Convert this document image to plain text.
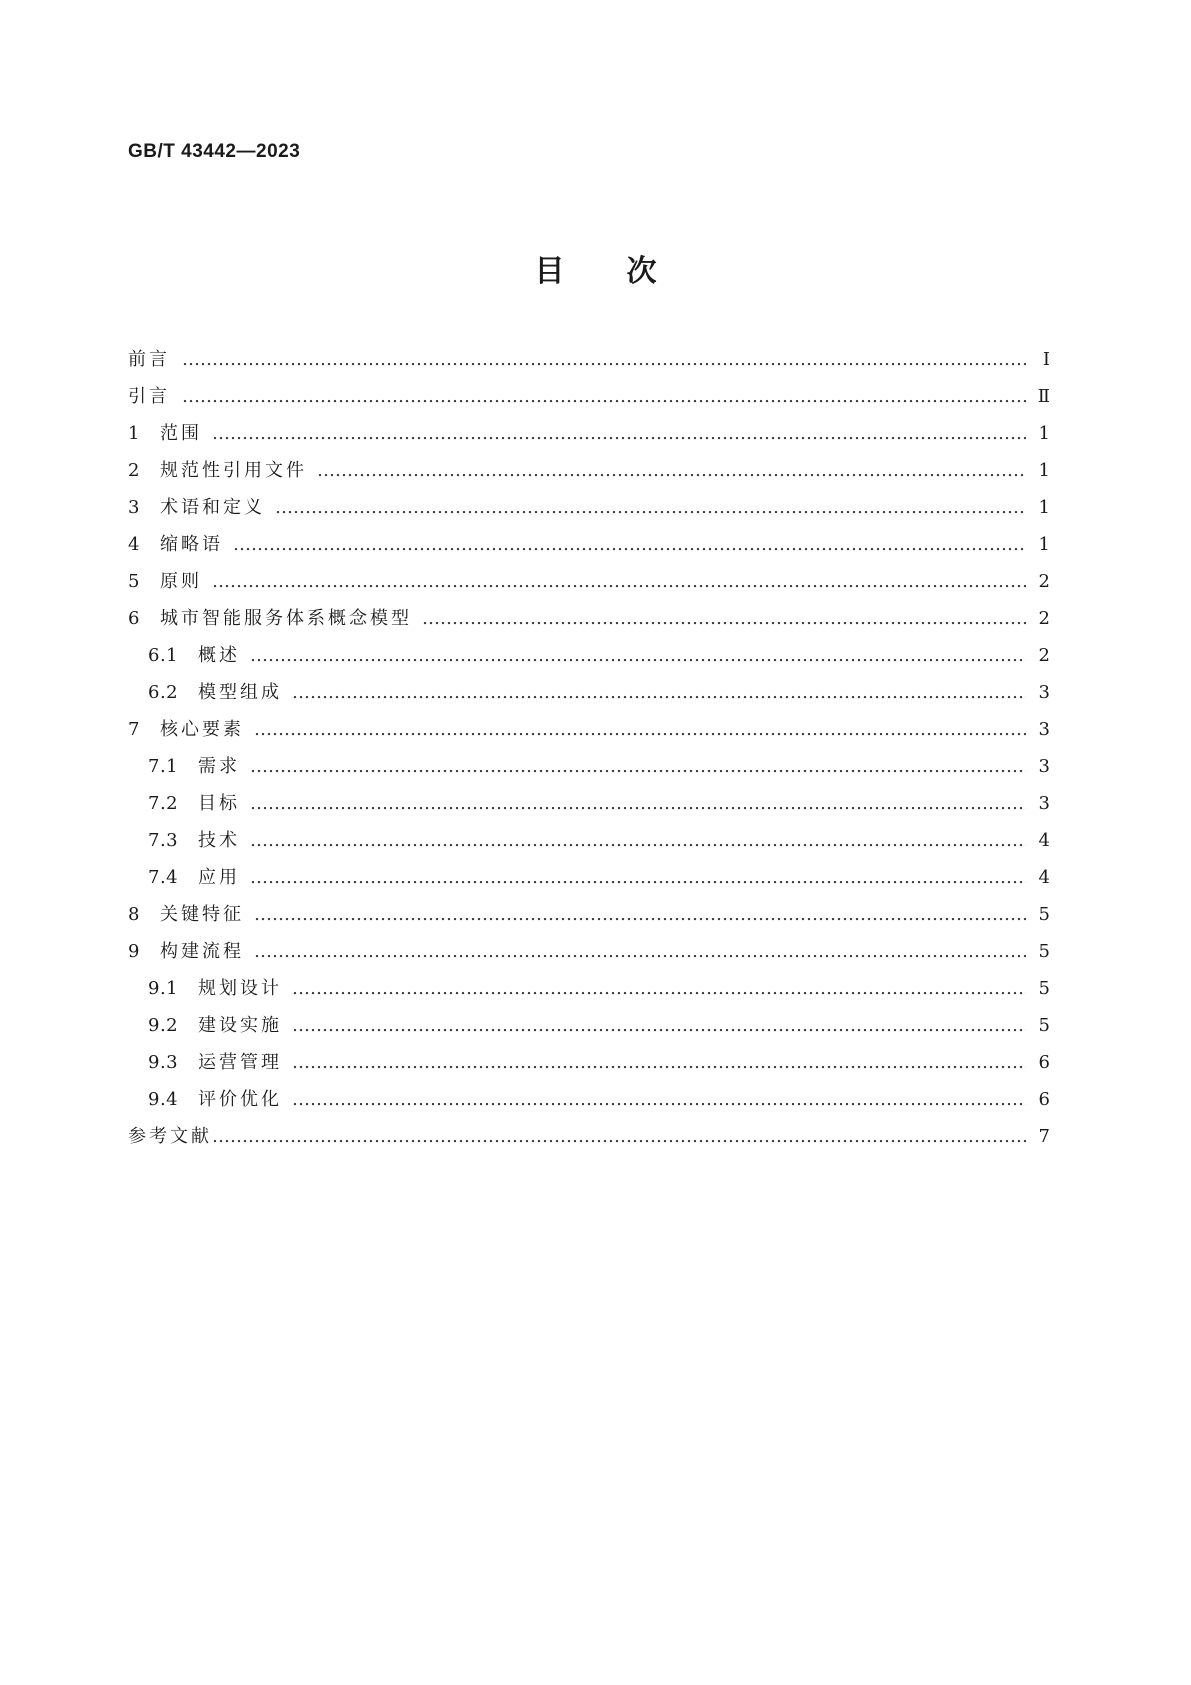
GB/T 43442—2023
目次
前言 …………………………………………………………………………………………………………………………………………………………………………………………………………………………	Ⅰ
引言 …………………………………………………………………………………………………………………………………………………………………………………………………………………………	Ⅱ
1	范围 …………………………………………………………………………………………………………………………………………………………………………………………………………………………	1
2	规范性引用文件 …………………………………………………………………………………………………………………………………………………………………………………………………………………………	1
3	术语和定义 …………………………………………………………………………………………………………………………………………………………………………………………………………………………	1
4	缩略语 …………………………………………………………………………………………………………………………………………………………………………………………………………………………	1
5	原则 …………………………………………………………………………………………………………………………………………………………………………………………………………………………	2
6	城市智能服务体系概念模型 …………………………………………………………………………………………………………………………………………………………………………………………………………………………	2
6.1	概述 …………………………………………………………………………………………………………………………………………………………………………………………………………………………	2
6.2	模型组成 …………………………………………………………………………………………………………………………………………………………………………………………………………………………	3
7	核心要素 …………………………………………………………………………………………………………………………………………………………………………………………………………………………	3
7.1	需求 …………………………………………………………………………………………………………………………………………………………………………………………………………………………	3
7.2	目标 …………………………………………………………………………………………………………………………………………………………………………………………………………………………	3
7.3	技术 …………………………………………………………………………………………………………………………………………………………………………………………………………………………	4
7.4	应用 …………………………………………………………………………………………………………………………………………………………………………………………………………………………	4
8	关键特征 …………………………………………………………………………………………………………………………………………………………………………………………………………………………	5
9	构建流程 …………………………………………………………………………………………………………………………………………………………………………………………………………………………	5
9.1	规划设计 …………………………………………………………………………………………………………………………………………………………………………………………………………………………	5
9.2	建设实施 …………………………………………………………………………………………………………………………………………………………………………………………………………………………	5
9.3	运营管理 …………………………………………………………………………………………………………………………………………………………………………………………………………………………	6
9.4	评价优化 …………………………………………………………………………………………………………………………………………………………………………………………………………………………	6
参考文献 …………………………………………………………………………………………………………………………………………………………………………………………………………………………	7
